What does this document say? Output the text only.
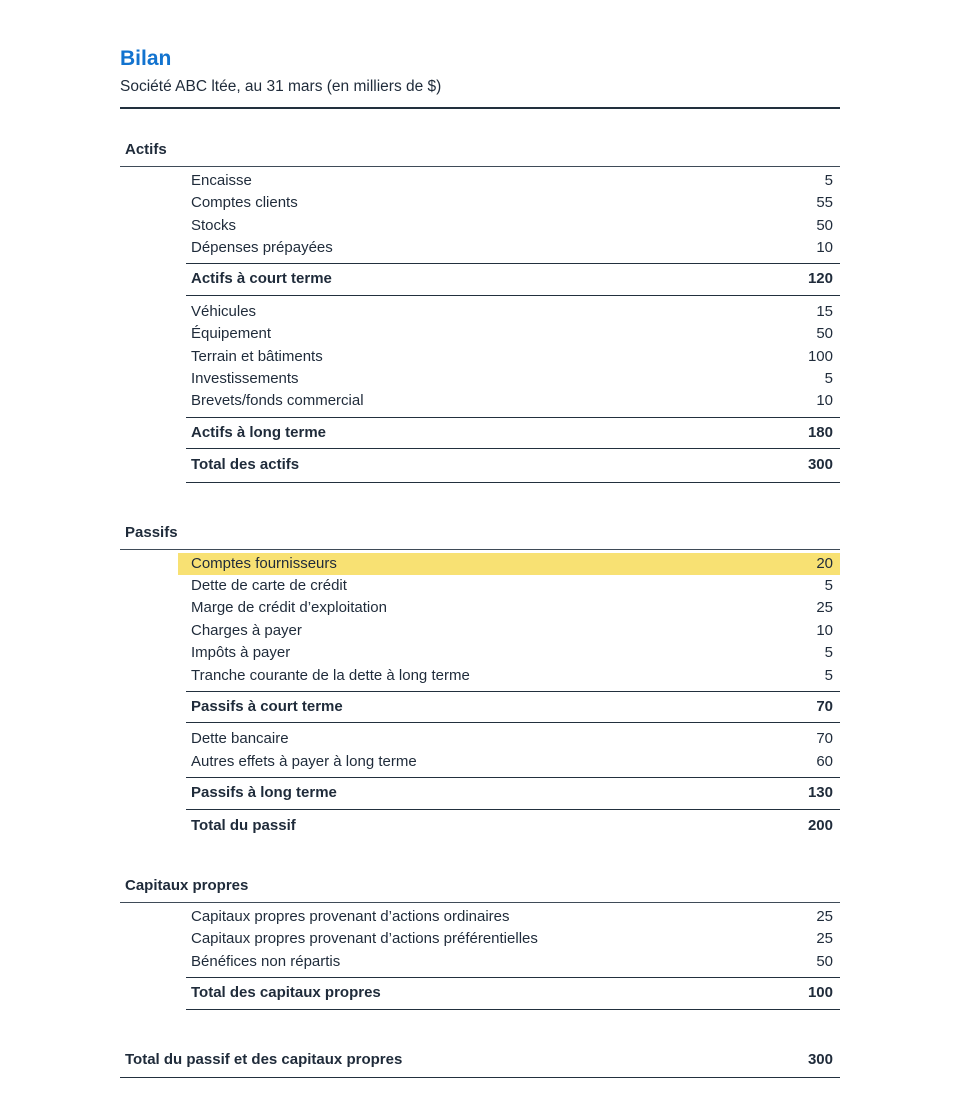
Bilan

Société ABC ltée, au 31 mars (en milliers de $)

Actifs
Encaisse	5
Comptes clients	55
Stocks	50
Dépenses prépayées	10
Actifs à court terme	120
Véhicules	15
Équipement	50
Terrain et bâtiments	100
Investissements	5
Brevets/fonds commercial	10
Actifs à long terme	180
Total des actifs	300
Passifs
Comptes fournisseurs	20
Dette de carte de crédit	5
Marge de crédit d’exploitation	25
Charges à payer	10
Impôts à payer	5
Tranche courante de la dette à long terme	5
Passifs à court terme	70
Dette bancaire	70
Autres effets à payer à long terme	60
Passifs à long terme	130
Total du passif	200
Capitaux propres
Capitaux propres provenant d’actions ordinaires	25
Capitaux propres provenant d’actions préférentielles	25
Bénéfices non répartis	50
Total des capitaux propres	100
Total du passif et des capitaux propres	300
